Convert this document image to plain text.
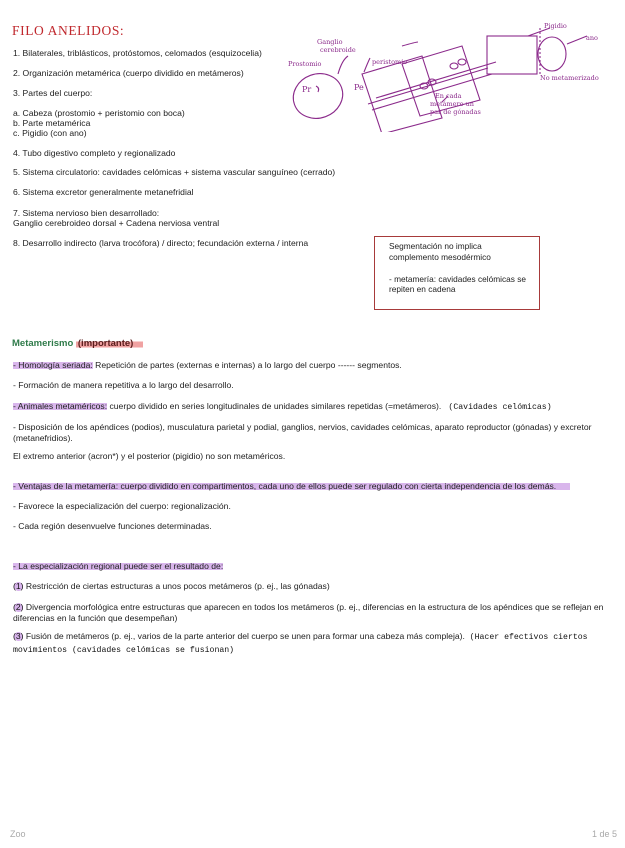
FILO ANELIDOS:
1. Bilaterales, triblásticos, protóstomos, celomados (esquizocelia)
2. Organización metamérica (cuerpo dividido en metámeros)
3. Partes del cuerpo:
a. Cabeza (prostomio + peristomio con boca)
b. Parte metamérica
c. Pigidio (con ano)
4. Tubo digestivo completo y regionalizado
5. Sistema circulatorio: cavidades celómicas + sistema vascular sanguíneo (cerrado)
6. Sistema excretor generalmente metanefridial
7. Sistema nervioso bien desarrollado:
Ganglio cerebroideo dorsal + Cadena nerviosa ventral
8. Desarrollo indirecto (larva trocófora) / directo; fecundación externa / interna
Ganglio
cerebroide
Prostomio	peristomio
Pr	Pe
En cada
metámero un
par de gónadas
Pigidio
ano
No metamerizado

Segmentación no implica complemento mesodérmico

- metamería: cavidades celómicas se repiten en cadena

Metamerismo (importante)
- Homología seriada: Repetición de partes (externas e internas) a lo largo del cuerpo ------ segmentos.
- Formación de manera repetitiva a lo largo del desarrollo.
- Animales metaméricos: cuerpo dividido en series longitudinales de unidades similares repetidas (=metámeros). (Cavidades celómicas)
- Disposición de los apéndices (podios), musculatura parietal y podial, ganglios, nervios, cavidades celómicas, aparato reproductor (gónadas) y excretor (metanefridios).
El extremo anterior (acron*) y el posterior (pigidio) no son metaméricos.
- Ventajas de la metamería: cuerpo dividido en compartimentos, cada uno de ellos puede ser regulado con cierta independencia de los demás.
- Favorece la especialización del cuerpo: regionalización.
- Cada región desenvuelve funciones determinadas.
- La especialización regional puede ser el resultado de:
(1) Restricción de ciertas estructuras a unos pocos metámeros (p. ej., las gónadas)
(2) Divergencia morfológica entre estructuras que aparecen en todos los metámeros (p. ej., diferencias en la estructura de los apéndices que se reflejan en diferencias en la función que desempeñan)
(3) Fusión de metámeros (p. ej., varios de la parte anterior del cuerpo se unen para formar una cabeza más compleja). (Hacer efectivos ciertos movimientos (cavidades celómicas se fusionan)
Zoo	1 de 5
